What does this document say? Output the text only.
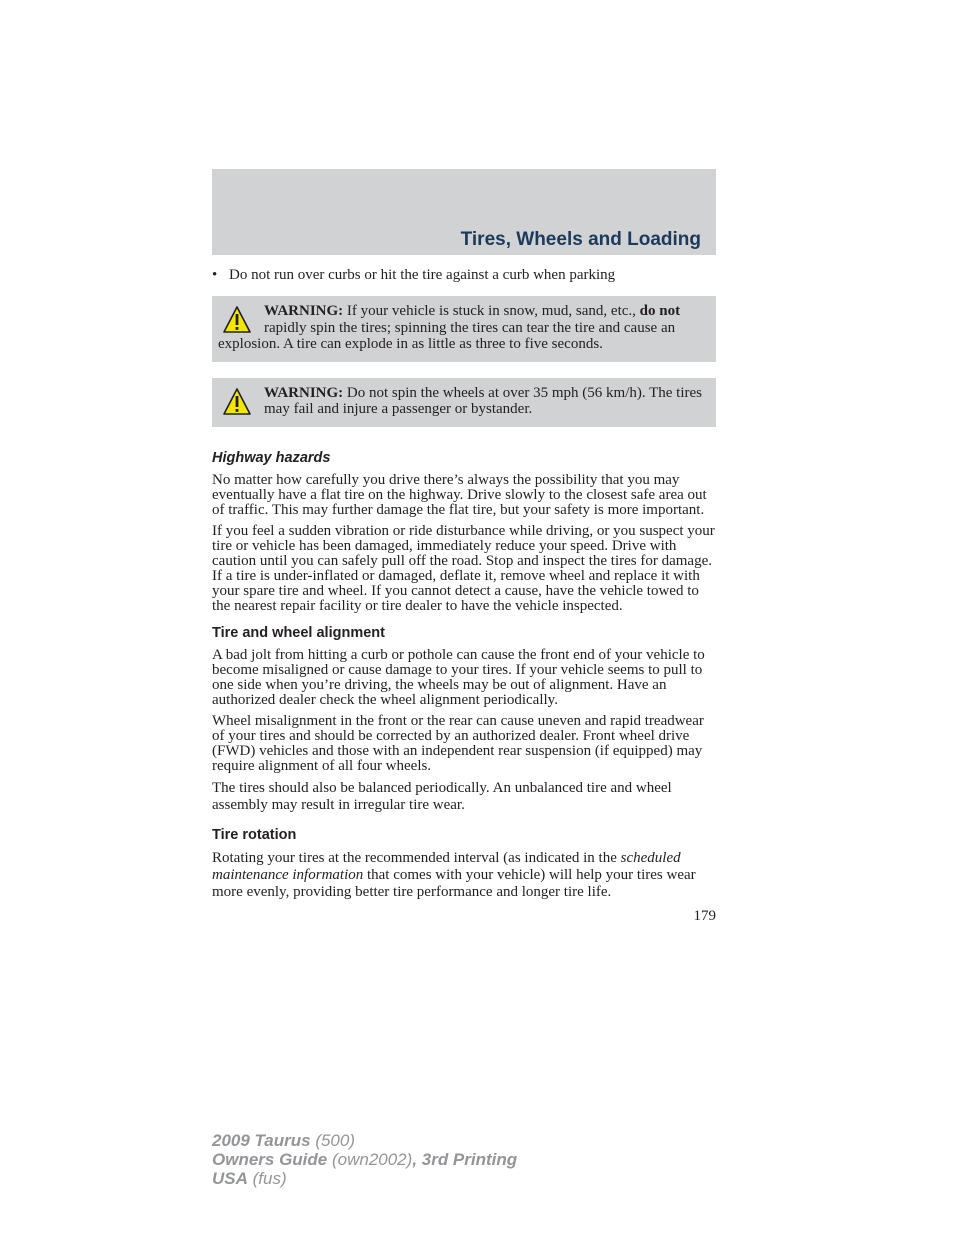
Tires, Wheels and Loading
• Do not run over curbs or hit the tire against a curb when parking
WARNING: If your vehicle is stuck in snow, mud, sand, etc., do not rapidly spin the tires; spinning the tires can tear the tire and cause an explosion. A tire can explode in as little as three to five seconds.
WARNING: Do not spin the wheels at over 35 mph (56 km/h). The tires may fail and injure a passenger or bystander.
Highway hazards

No matter how carefully you drive there’s always the possibility that you may eventually have a flat tire on the highway. Drive slowly to the closest safe area out of traffic. This may further damage the flat tire, but your safety is more important.

If you feel a sudden vibration or ride disturbance while driving, or you suspect your tire or vehicle has been damaged, immediately reduce your speed. Drive with caution until you can safely pull off the road. Stop and inspect the tires for damage. If a tire is under-inflated or damaged, deflate it, remove wheel and replace it with your spare tire and wheel. If you cannot detect a cause, have the vehicle towed to the nearest repair facility or tire dealer to have the vehicle inspected.

Tire and wheel alignment

A bad jolt from hitting a curb or pothole can cause the front end of your vehicle to become misaligned or cause damage to your tires. If your vehicle seems to pull to one side when you’re driving, the wheels may be out of alignment. Have an authorized dealer check the wheel alignment periodically.

Wheel misalignment in the front or the rear can cause uneven and rapid treadwear of your tires and should be corrected by an authorized dealer. Front wheel drive (FWD) vehicles and those with an independent rear suspension (if equipped) may require alignment of all four wheels.

The tires should also be balanced periodically. An unbalanced tire and wheel assembly may result in irregular tire wear.

Tire rotation

Rotating your tires at the recommended interval (as indicated in the scheduled maintenance information that comes with your vehicle) will help your tires wear more evenly, providing better tire performance and longer tire life.

179
2009 Taurus (500)
Owners Guide (own2002), 3rd Printing
USA (fus)
